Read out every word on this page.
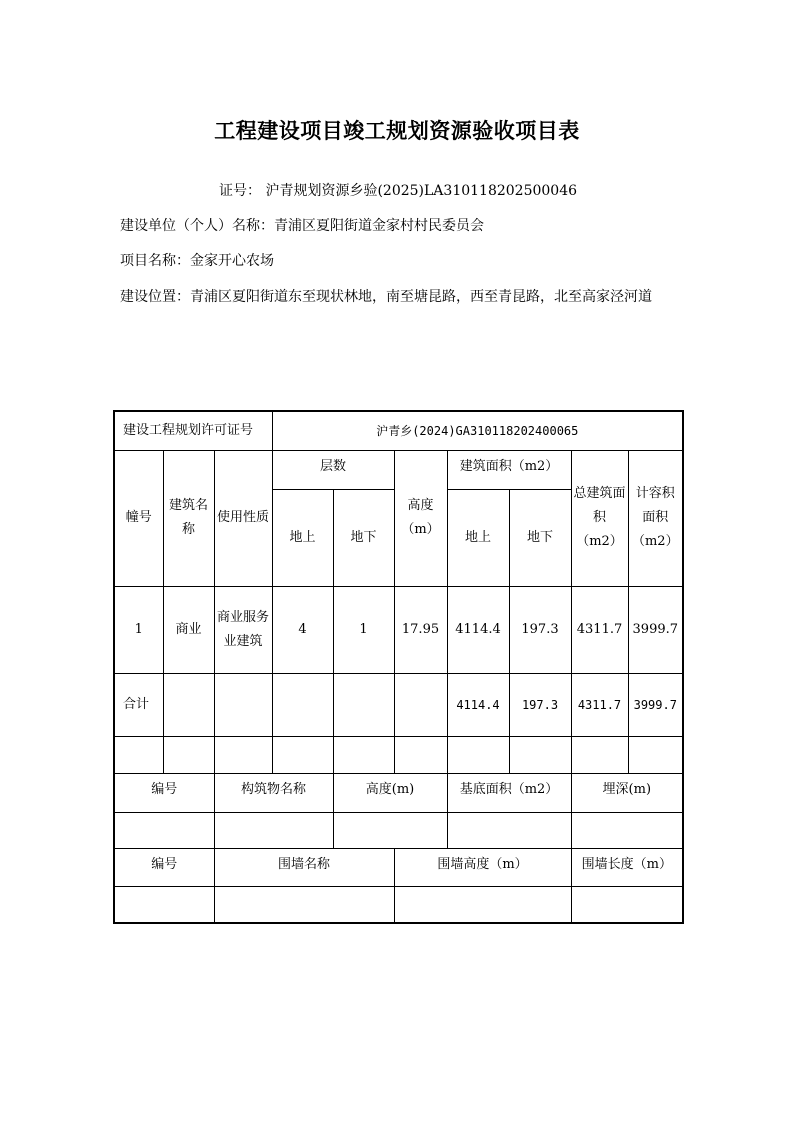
工程建设项目竣工规划资源验收项目表
证号： 沪青规划资源乡验(2025)LA310118202500046
建设单位（个人）名称：青浦区夏阳街道金家村村民委员会
项目名称：金家开心农场
建设位置：青浦区夏阳街道东至现状林地，南至塘昆路，西至青昆路，北至高家泾河道
建设工程规划许可证号			沪青乡(2024)GA310118202400065						
幢号	建筑名称	使用性质	层数		高度（m）	建筑面积（m2）		总建筑面积（m2）	计容积面积（m2）
			地上	地下		地上	地下		
1	商业	商业服务业建筑	4	1	17.95	4114.4	197.3	4311.7	3999.7
合计						4114.4	197.3	4311.7	3999.7

编号		构筑物名称		高度(m)		基底面积（m2）		埋深(m)	

编号		围墙名称			围墙高度（m）			围墙长度（m）	
